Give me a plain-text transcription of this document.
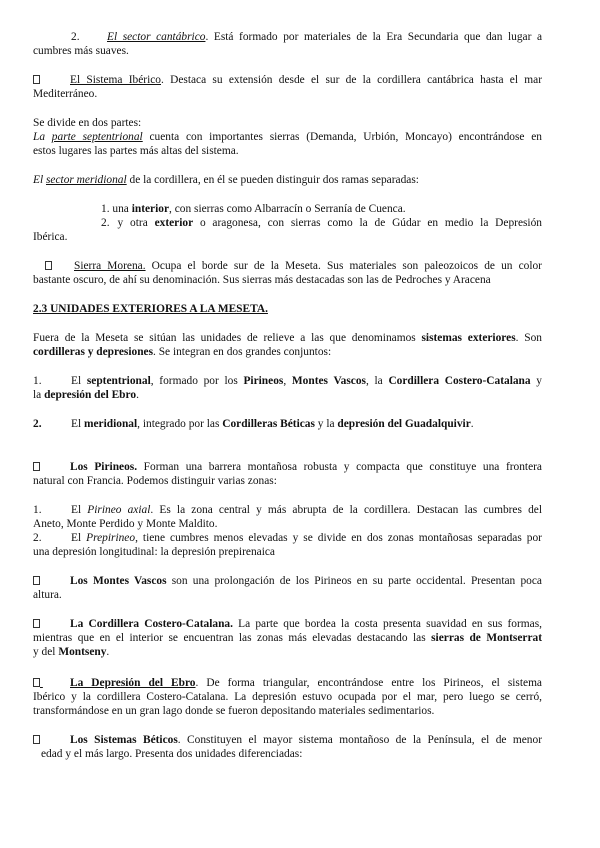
2. El sector cantábrico. Está formado por materiales de la Era Secundaria que dan lugar a
cumbres más suaves.
El Sistema Ibérico. Destaca su extensión desde el sur de la cordillera cantábrica hasta el mar
Mediterráneo.
Se divide en dos partes:
La parte septentrional cuenta con importantes sierras (Demanda, Urbión, Moncayo) encontrándose en
estos lugares las partes más altas del sistema.
El sector meridional de la cordillera, en él se pueden distinguir dos ramas separadas:
1. una interior, con sierras como Albarracín o Serranía de Cuenca.
2. y otra exterior o aragonesa, con sierras como la de Gúdar en medio la Depresión
Ibérica.
Sierra Morena. Ocupa el borde sur de la Meseta. Sus materiales son paleozoicos de un color
bastante oscuro, de ahí su denominación. Sus sierras más destacadas son las de Pedroches y Aracena
2.3 UNIDADES EXTERIORES A LA MESETA.
Fuera de la Meseta se sitúan las unidades de relieve a las que denominamos sistemas exteriores. Son
cordilleras y depresiones. Se integran en dos grandes conjuntos:
1.	El septentrional, formado por los Pirineos, Montes Vascos, la Cordillera Costero-Catalana y
la depresión del Ebro.
2.	El meridional, integrado por las Cordilleras Béticas y la depresión del Guadalquivir.
Los Pirineos. Forman una barrera montañosa robusta y compacta que constituye una frontera
natural con Francia. Podemos distinguir varias zonas:
1.	El Pirineo axial. Es la zona central y más abrupta de la cordillera. Destacan las cumbres del
Aneto, Monte Perdido y Monte Maldito.
2.	El Prepirineo, tiene cumbres menos elevadas y se divide en dos zonas montañosas separadas por
una depresión longitudinal: la depresión prepirenaica
Los Montes Vascos son una prolongación de los Pirineos en su parte occidental. Presentan poca
altura.
La Cordillera Costero-Catalana. La parte que bordea la costa presenta suavidad en sus formas,
mientras que en el interior se encuentran las zonas más elevadas destacando las sierras de Montserrat
y del Montseny.
La Depresión del Ebro. De forma triangular, encontrándose entre los Pirineos, el sistema
Ibérico y la cordillera Costero-Catalana. La depresión estuvo ocupada por el mar, pero luego se cerró,
transformándose en un gran lago donde se fueron depositando materiales sedimentarios.
Los Sistemas Béticos. Constituyen el mayor sistema montañoso de la Península, el de menor
edad y el más largo. Presenta dos unidades diferenciadas:
